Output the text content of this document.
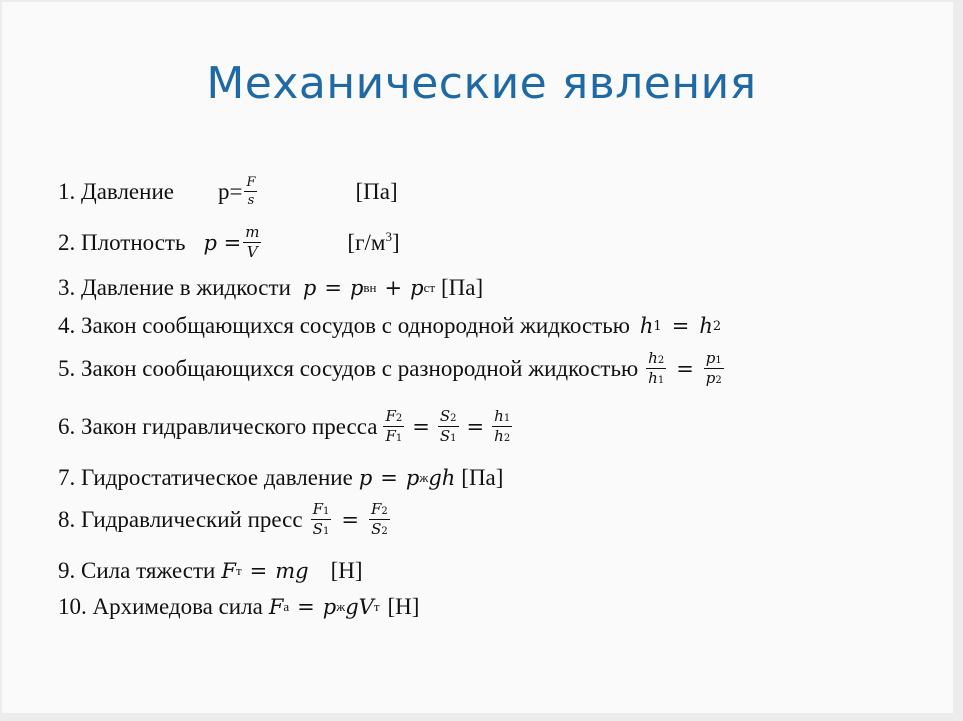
Механические явления
1. Давление $p= \frac{F}{s}$	[Па]
2. Плотность $p = \frac{m}{V}$	$[г/м^3]$
3. Давление в жидкости p = p вн + p ст [Па]
4. Закон сообщающихся сосудов с однородной жидкостью h 1 = h 2
5. Закон сообщающихся сосудов с разнородной жидкостью $\frac{h2}{h1} = \frac{p1}{p2}$
6. Закон гидравлического пресса $\frac{F2}{F1} = \frac{S2}{S1} = \frac{h1}{h2}$
7. Гидростатическое давление p = p ж gh [Па]
8. Гидравлический пресс $\frac{F1}{S1} = \frac{F2}{S2}$
9. Сила тяжести F т = mg [Н]
10. Архимедова сила F а = p ж gV т [Н]
